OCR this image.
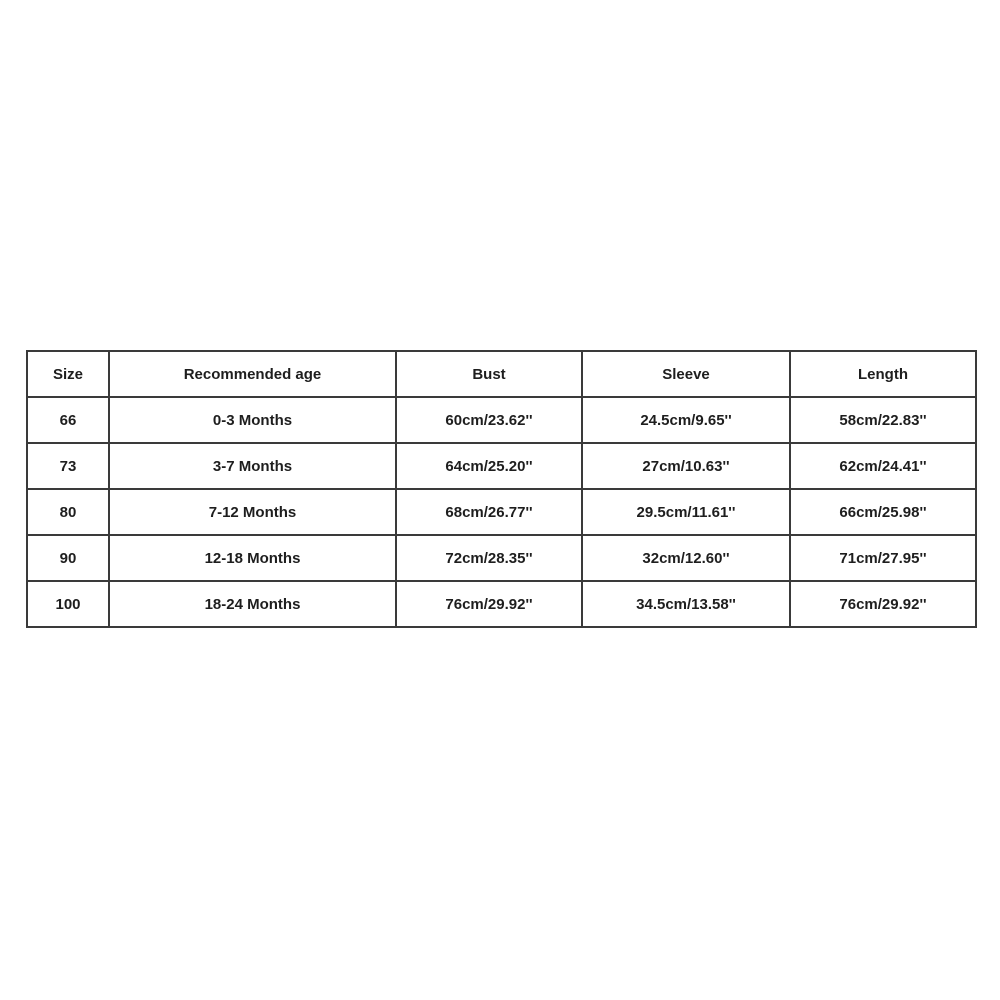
Size	Recommended age	Bust	Sleeve	Length
66	0-3 Months	60cm/23.62''	24.5cm/9.65''	58cm/22.83''
73	3-7 Months	64cm/25.20''	27cm/10.63''	62cm/24.41''
80	7-12 Months	68cm/26.77''	29.5cm/11.61''	66cm/25.98''
90	12-18 Months	72cm/28.35''	32cm/12.60''	71cm/27.95''
100	18-24 Months	76cm/29.92''	34.5cm/13.58''	76cm/29.92''
